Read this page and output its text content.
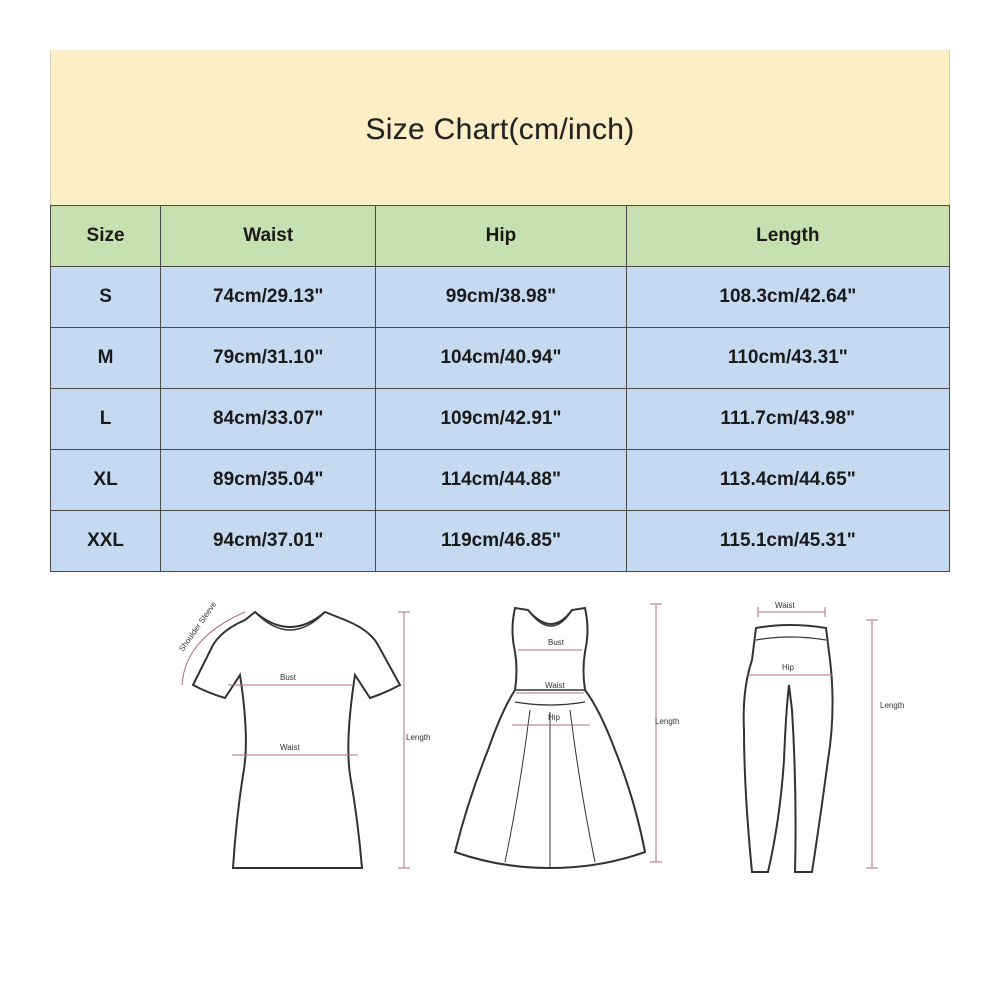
Size Chart(cm/inch)
Size	Waist	Hip	Length
S	74cm/29.13"	99cm/38.98"	108.3cm/42.64"
M	79cm/31.10"	104cm/40.94"	110cm/43.31"
L	84cm/33.07"	109cm/42.91"	111.7cm/43.98"
XL	89cm/35.04"	114cm/44.88"	113.4cm/44.65"
XXL	94cm/37.01"	119cm/46.85"	115.1cm/45.31"
Shoulder Sleeve
Bust
Waist
Length
Bust
Waist
Hip	Length
Waist
Hip
Length
